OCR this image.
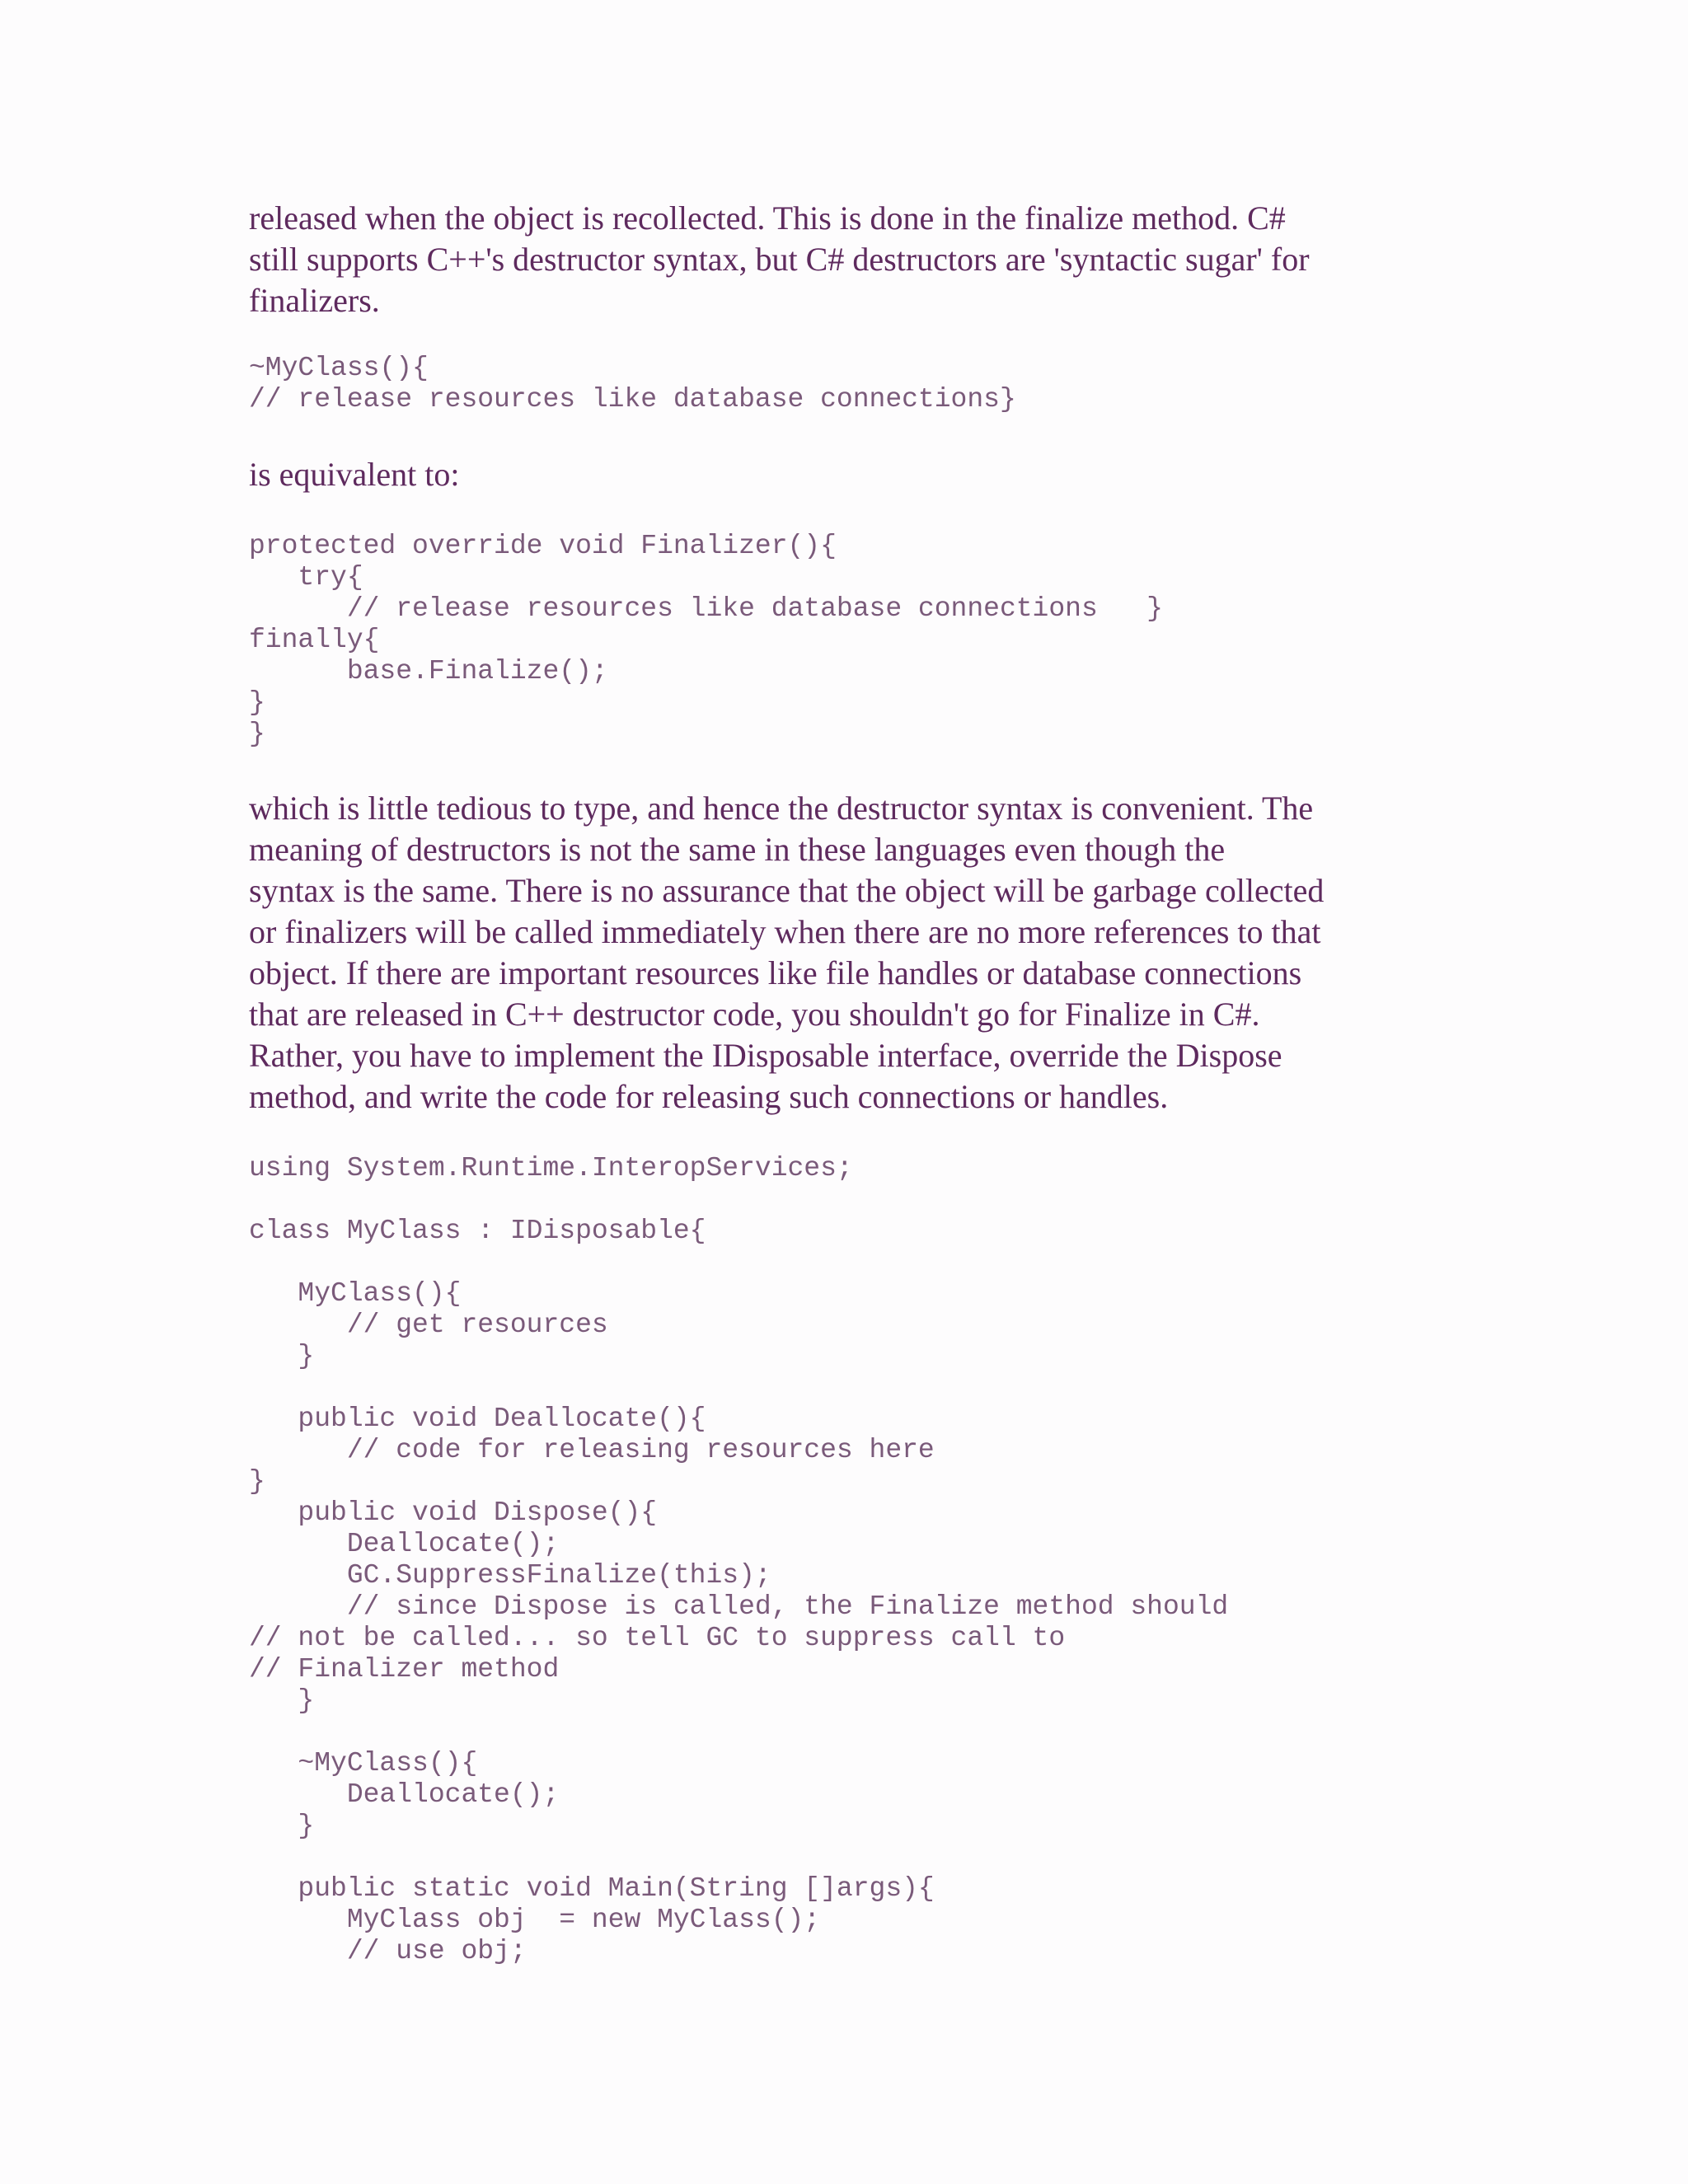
released when the object is recollected. This is done in the finalize method. C#
still supports C++'s destructor syntax, but C# destructors are 'syntactic sugar' for
finalizers.

~MyClass(){
// release resources like database connections}

is equivalent to:

protected override void Finalizer(){
try{
// release resources like database connections   }
finally{
base.Finalize();
}
}

which is little tedious to type, and hence the destructor syntax is convenient. The
meaning of destructors is not the same in these languages even though the
syntax is the same. There is no assurance that the object will be garbage collected
or finalizers will be called immediately when there are no more references to that
object. If there are important resources like file handles or database connections
that are released in C++ destructor code, you shouldn't go for Finalize in C#.
Rather, you have to implement the IDisposable interface, override the Dispose
method, and write the code for releasing such connections or handles.

using System.Runtime.InteropServices;
class MyClass : IDisposable{
MyClass(){
// get resources
}
public void Deallocate(){
// code for releasing resources here
}
public void Dispose(){
Deallocate();
GC.SuppressFinalize(this);
// since Dispose is called, the Finalize method should
// not be called... so tell GC to suppress call to
// Finalizer method
}
~MyClass(){
Deallocate();
}
public static void Main(String []args){
MyClass obj  = new MyClass();
// use obj;
